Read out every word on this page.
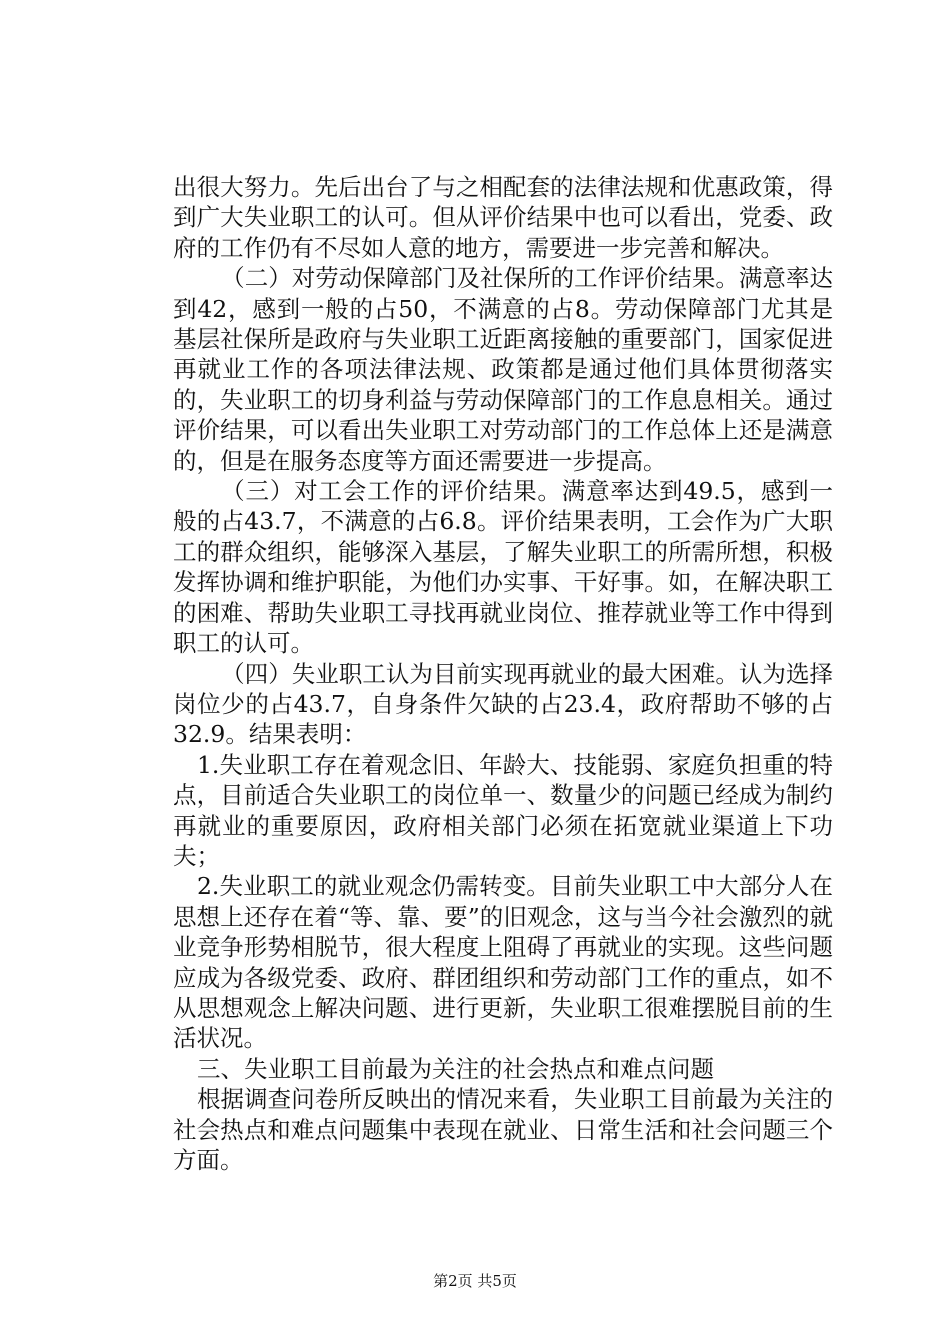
出很大努力。先后出台了与之相配套的法律法规和优惠政策，得到广大失业职工的认可。但从评价结果中也可以看出，党委、政府的工作仍有不尽如人意的地方，需要进一步完善和解决。

（二）对劳动保障部门及社保所的工作评价结果。满意率达到42，感到一般的占50，不满意的占8。劳动保障部门尤其是基层社保所是政府与失业职工近距离接触的重要部门，国家促进再就业工作的各项法律法规、政策都是通过他们具体贯彻落实的，失业职工的切身利益与劳动保障部门的工作息息相关。通过评价结果，可以看出失业职工对劳动部门的工作总体上还是满意的，但是在服务态度等方面还需要进一步提高。

（三）对工会工作的评价结果。满意率达到49.5，感到一般的占43.7，不满意的占6.8。评价结果表明，工会作为广大职工的群众组织，能够深入基层，了解失业职工的所需所想，积极发挥协调和维护职能，为他们办实事、干好事。如，在解决职工的困难、帮助失业职工寻找再就业岗位、推荐就业等工作中得到职工的认可。

（四）失业职工认为目前实现再就业的最大困难。认为选择岗位少的占43.7，自身条件欠缺的占23.4，政府帮助不够的占32.9。结果表明：

1.失业职工存在着观念旧、年龄大、技能弱、家庭负担重的特点，目前适合失业职工的岗位单一、数量少的问题已经成为制约再就业的重要原因，政府相关部门必须在拓宽就业渠道上下功夫；

2.失业职工的就业观念仍需转变。目前失业职工中大部分人在思想上还存在着“等、靠、要”的旧观念，这与当今社会激烈的就业竞争形势相脱节，很大程度上阻碍了再就业的实现。这些问题应成为各级党委、政府、群团组织和劳动部门工作的重点，如不从思想观念上解决问题、进行更新，失业职工很难摆脱目前的生活状况。

三、失业职工目前最为关注的社会热点和难点问题

根据调查问卷所反映出的情况来看，失业职工目前最为关注的社会热点和难点问题集中表现在就业、日常生活和社会问题三个方面。

第2页 共5页
